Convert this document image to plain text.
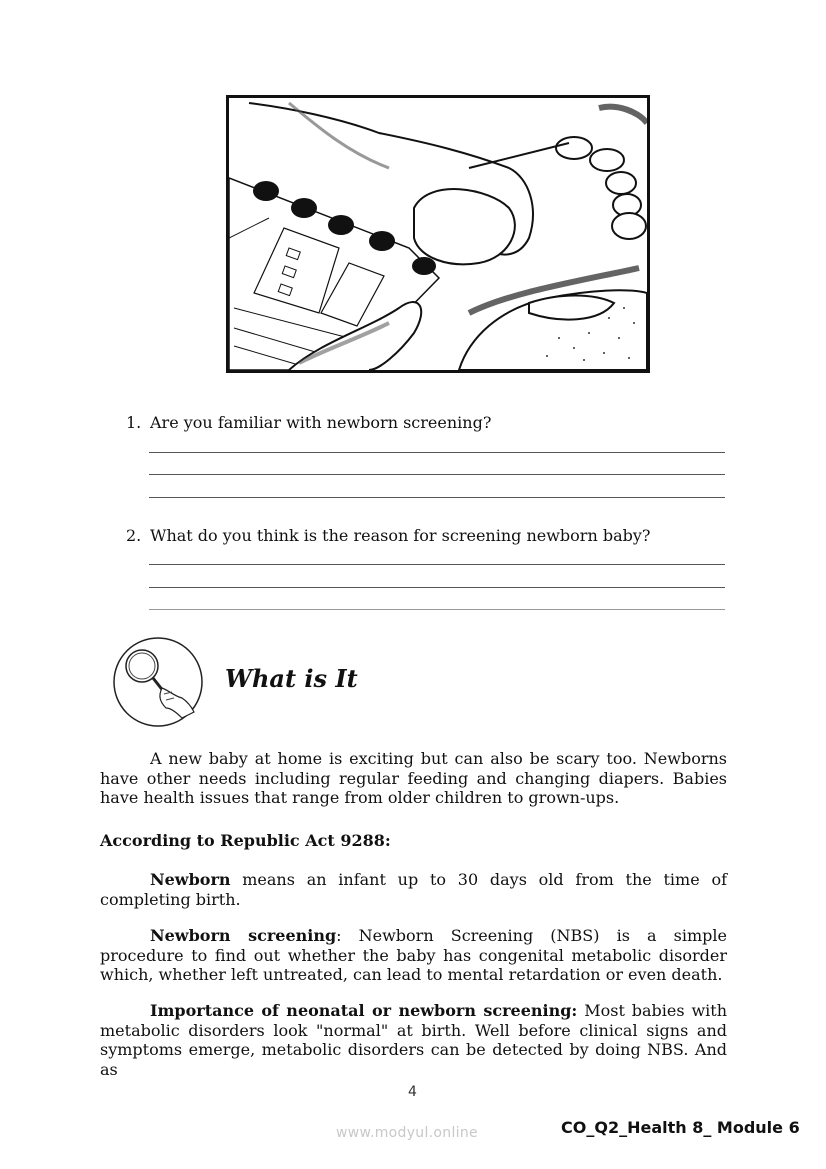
1. Are you familiar with newborn screening?
2. What do you think is the reason for screening newborn baby?
What is It

A new baby at home is exciting but can also be scary too. Newborns have other needs including regular feeding and changing diapers. Babies have health issues that range from older children to grown-ups.

According to Republic Act 9288:

Newborn means an infant up to 30 days old from the time of completing birth.

Newborn screening: Newborn Screening (NBS) is a simple procedure to find out whether the baby has congenital metabolic disorder which, whether left untreated, can lead to mental retardation or even death.

Importance of neonatal or newborn screening: Most babies with metabolic disorders look "normal" at birth. Well before clinical signs and symptoms emerge, metabolic disorders can be detected by doing NBS. And as

4
www.modyul.online	CO_Q2_Health 8_ Module 6
